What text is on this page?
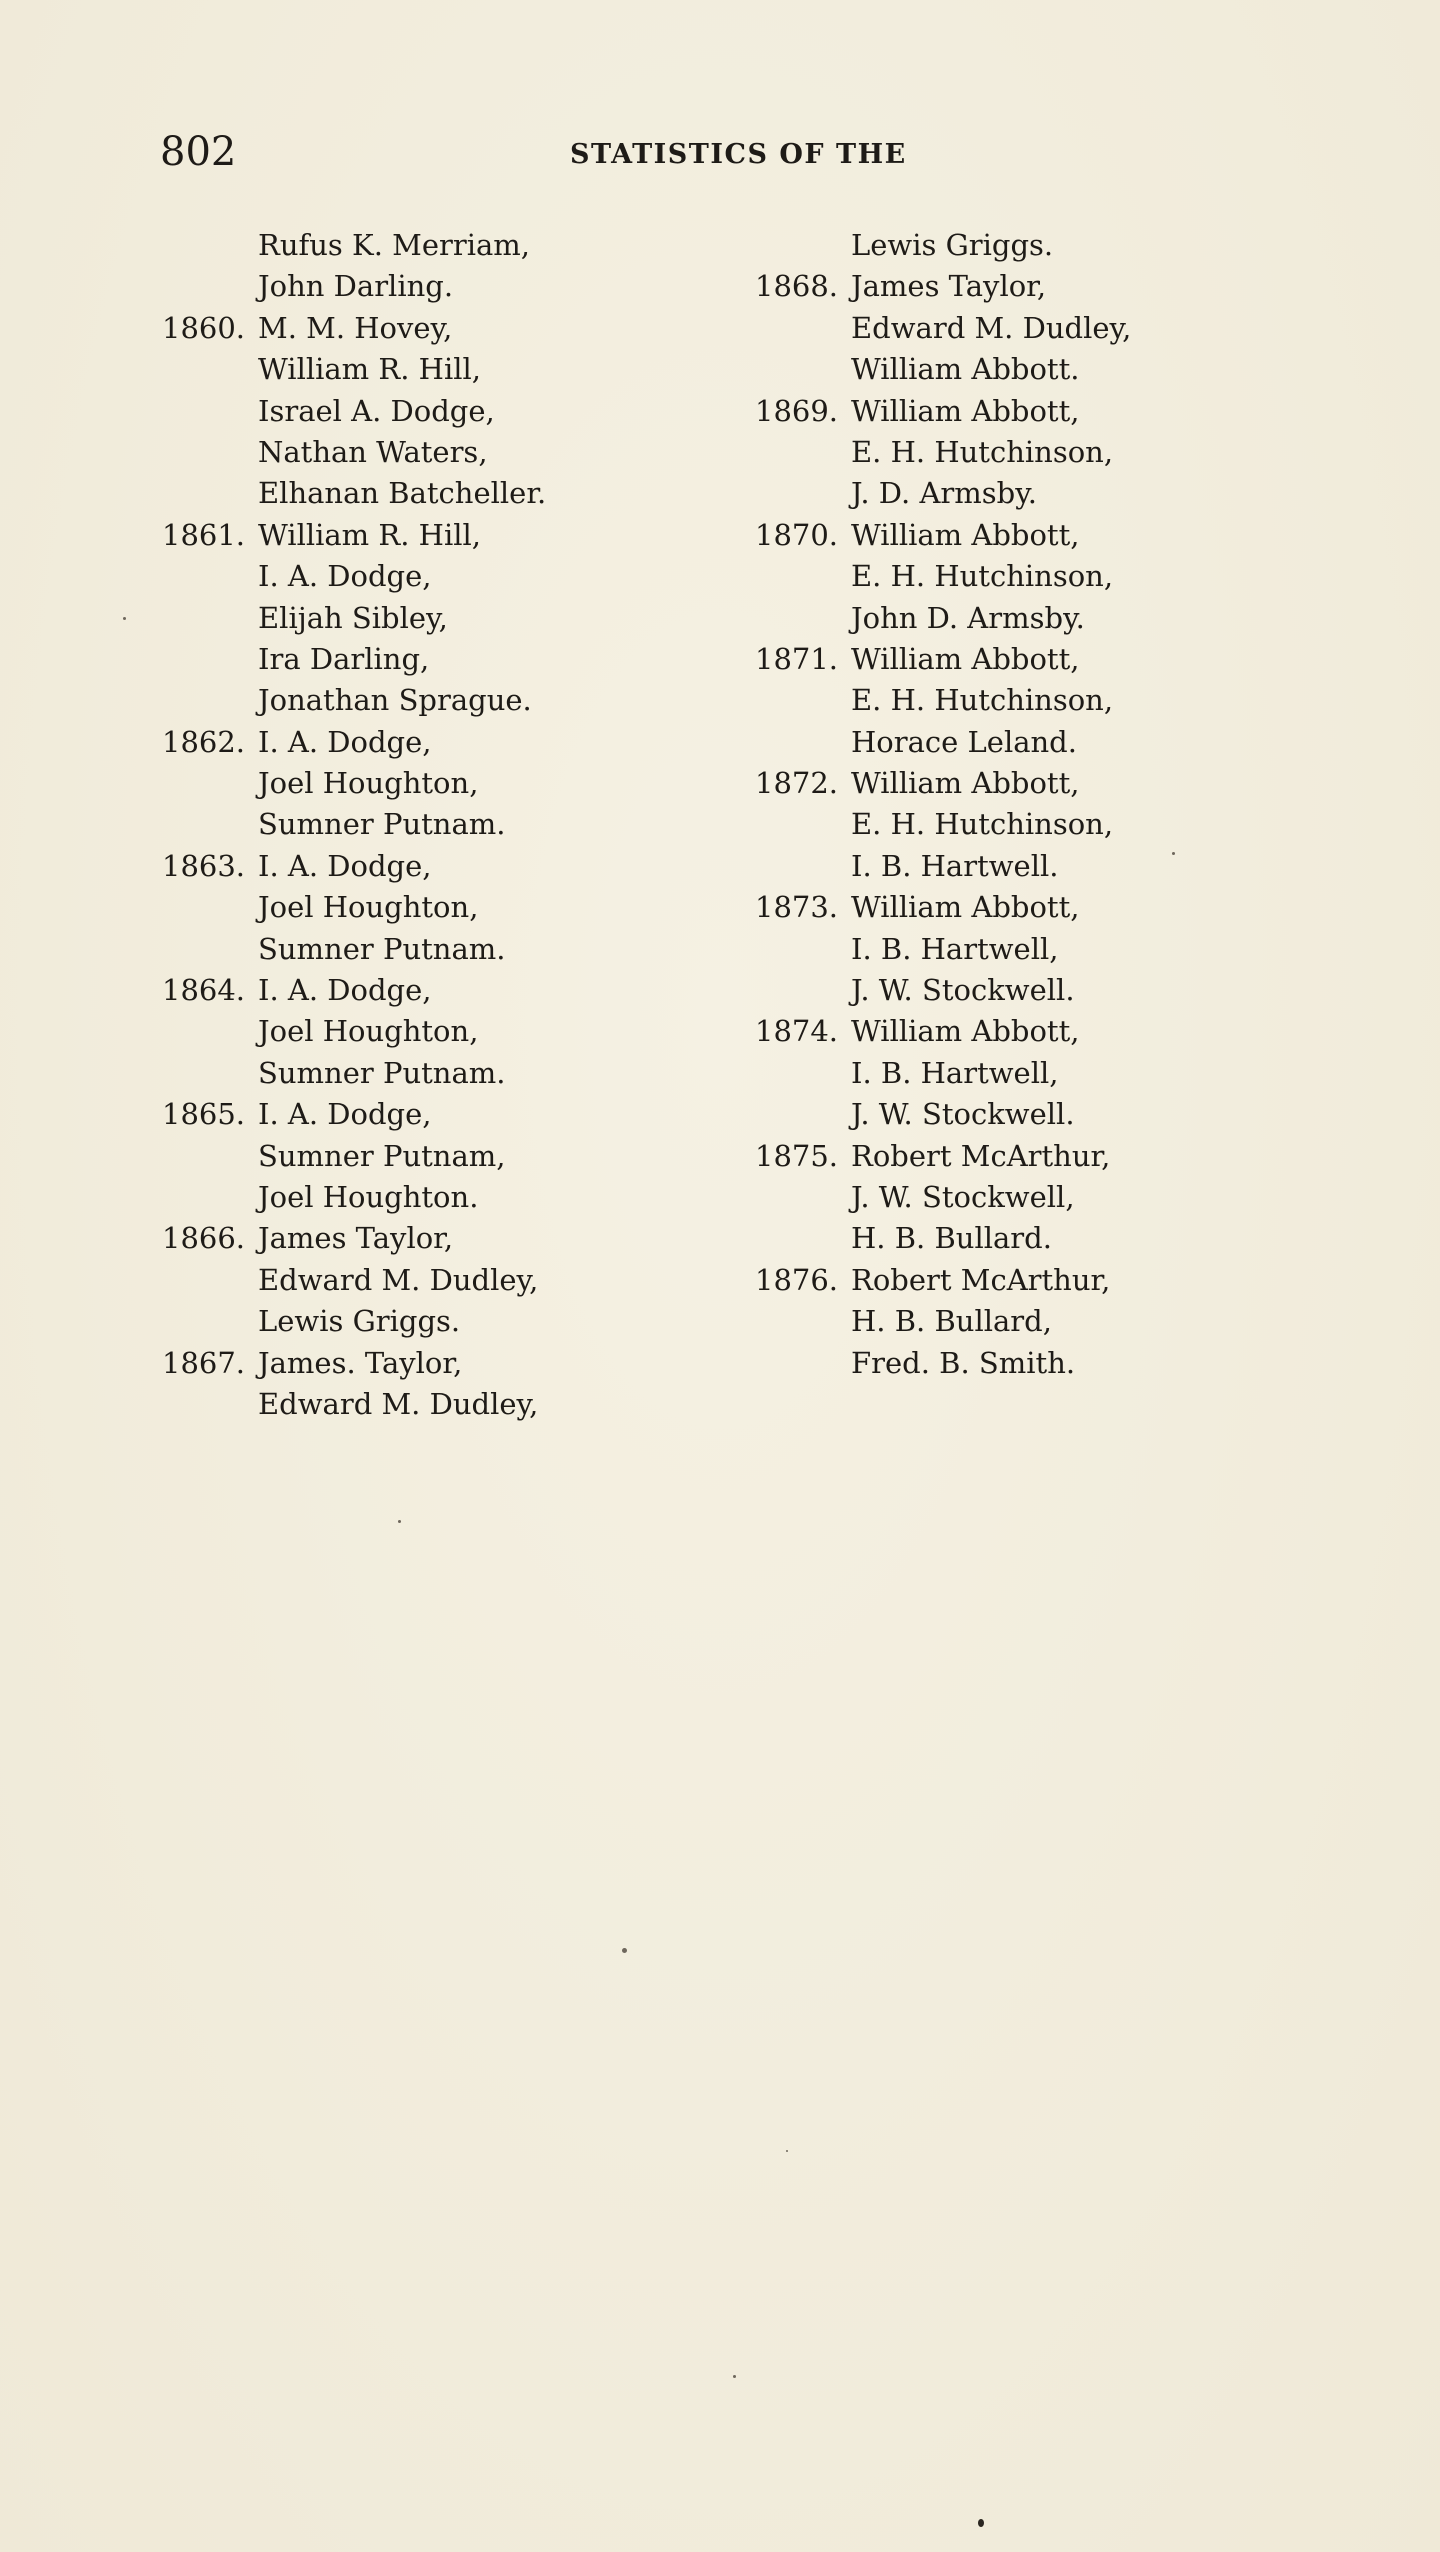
802	STATISTICS OF THE
Rufus K. Merriam,
John Darling.
1860. M. M. Hovey,
William R. Hill,
Israel A. Dodge,
Nathan Waters,
Elhanan Batcheller.
1861. William R. Hill,
I. A. Dodge,
Elijah Sibley,
Ira Darling,
Jonathan Sprague.
1862. I. A. Dodge,
Joel Houghton,
Sumner Putnam.
1863. I. A. Dodge,
Joel Houghton,
Sumner Putnam.
1864. I. A. Dodge,
Joel Houghton,
Sumner Putnam.
1865. I. A. Dodge,
Sumner Putnam,
Joel Houghton.
1866. James Taylor,
Edward M. Dudley,
Lewis Griggs.
1867. James. Taylor,
Edward M. Dudley,
Lewis Griggs.
1868. James Taylor,
Edward M. Dudley,
William Abbott.
1869. William Abbott,
E. H. Hutchinson,
J. D. Armsby.
1870. William Abbott,
E. H. Hutchinson,
John D. Armsby.
1871. William Abbott,
E. H. Hutchinson,
Horace Leland.
1872. William Abbott,
E. H. Hutchinson,
I. B. Hartwell.
1873. William Abbott,
I. B. Hartwell,
J. W. Stockwell.
1874. William Abbott,
I. B. Hartwell,
J. W. Stockwell.
1875. Robert McArthur,
J. W. Stockwell,
H. B. Bullard.
1876. Robert McArthur,
H. B. Bullard,
Fred. B. Smith.
